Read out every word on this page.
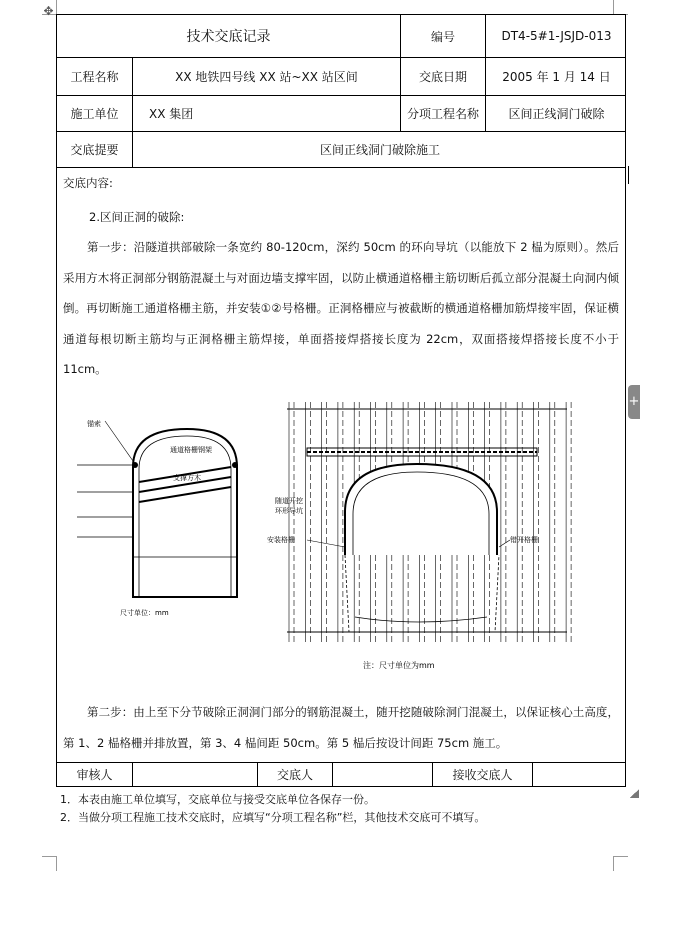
✥
+
技术交底记录	编号	DT4-5#1-JSJD-013
工程名称	XX 地铁四号线 XX 站~XX 站区间	交底日期	2005 年 1 月 14 日
施工单位	XX 集团	分项工程名称	区间正线洞门破除
交底提要	区间正线洞门破除施工
交底内容:
2.区间正洞的破除:
第一步：沿隧道拱部破除一条宽约 80-120cm，深约 50cm 的环向导坑（以能放下 2 榀为原则）。然后采用方木将正洞部分钢筋混凝土与对面边墙支撑牢固，以防止横通道格栅主筋切断后孤立部分混凝土向洞内倾倒。再切断施工通道格栅主筋，并安装①②号格栅。正洞格栅应与被截断的横通道格栅加筋焊接牢固，保证横通道每根切断主筋均与正洞格栅主筋焊接，单面搭接焊搭接长度为 22cm，双面搭接焊搭接长度不小于 11cm。
锚索
通道格栅钢架
支撑方木
尺寸单位：mm
随道开挖
环形导坑
安装格栅	错开格栅
注：尺寸单位为mm
第二步：由上至下分节破除正洞洞门部分的钢筋混凝土，随开挖随破除洞门混凝土，以保证核心土高度，第 1、2 榀格栅并排放置，第 3、4 榀间距 50cm。第 5 榀后按设计间距 75cm 施工。
审核人	交底人	接收交底人
1．本表由施工单位填写，交底单位与接受交底单位各保存一份。
2．当做分项工程施工技术交底时，应填写“分项工程名称”栏，其他技术交底可不填写。
